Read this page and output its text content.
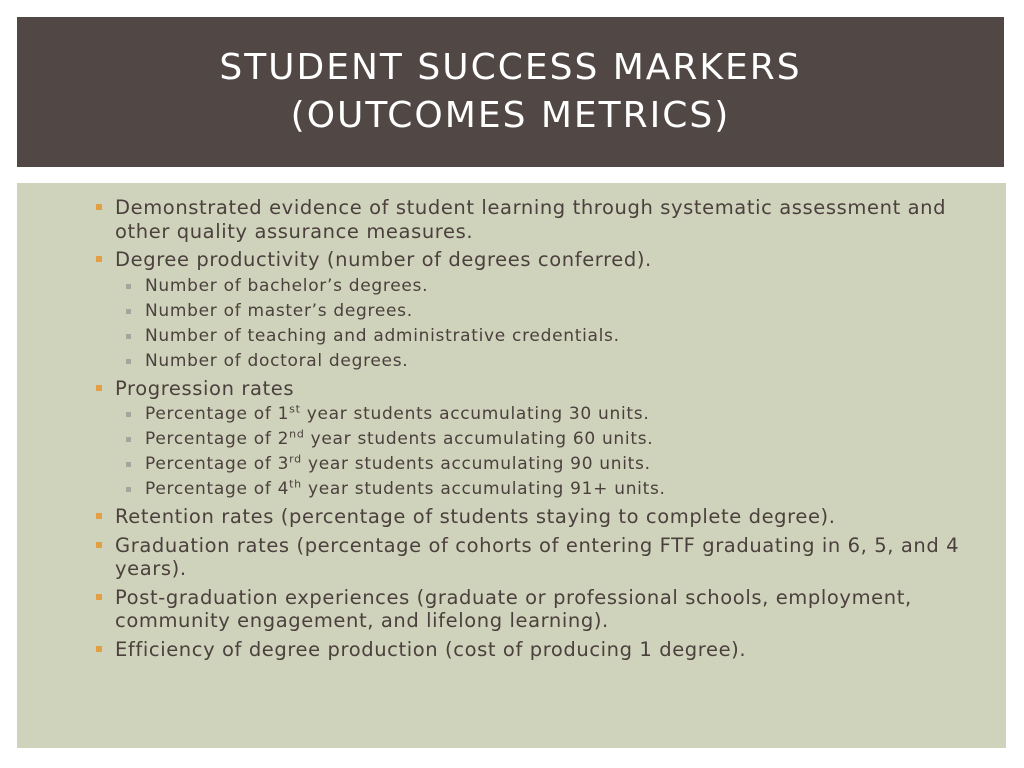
STUDENT SUCCESS MARKERS
(OUTCOMES METRICS)
Demonstrated evidence of student learning through systematic assessment and other quality assurance measures.
Degree productivity (number of degrees conferred).
Number of bachelor’s degrees.
Number of master’s degrees.
Number of teaching and administrative credentials.
Number of doctoral degrees.
Progression rates
Percentage of 1st year students accumulating 30 units.
Percentage of 2nd year students accumulating 60 units.
Percentage of 3rd year students accumulating 90 units.
Percentage of 4th year students accumulating 91+ units.
Retention rates (percentage of students staying to complete degree).
Graduation rates (percentage of cohorts of entering FTF graduating in 6, 5, and 4 years).
Post-graduation experiences (graduate or professional schools, employment, community engagement, and lifelong learning).
Efficiency of degree production (cost of producing 1 degree).
